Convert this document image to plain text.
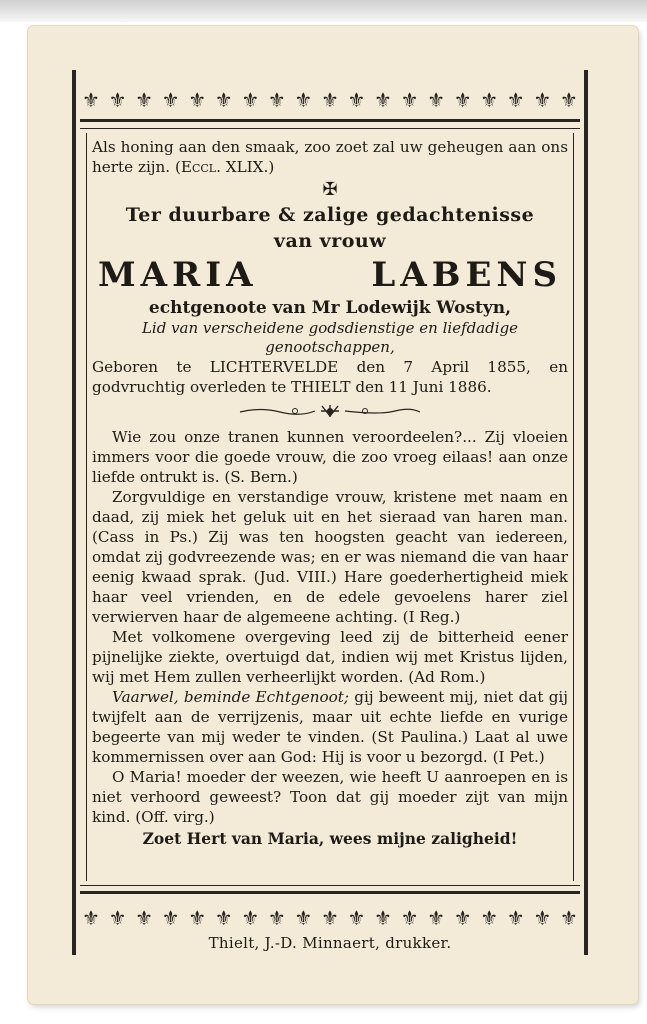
⚜ ⚜ ⚜ ⚜ ⚜ ⚜ ⚜ ⚜ ⚜ ⚜ ⚜ ⚜ ⚜ ⚜ ⚜ ⚜ ⚜ ⚜ ⚜

Als honing aan den smaak, zoo zoet zal uw geheugen aan ons herte zijn. (Eccl. XLIX.)

✠
Ter duurbare & zalige gedachtenisse
van vrouw
MARIA	LABENS
echtgenoote van Mr Lodewijk Wostyn,
Lid van verscheidene godsdienstige en liefdadige genootschappen,

Geboren te LICHTERVELDE den 7 April 1855, en godvruchtig overleden te THIELT den 11 Juni 1886.

Wie zou onze tranen kunnen veroordeelen?... Zij vloeien immers voor die goede vrouw, die zoo vroeg eilaas! aan onze liefde ontrukt is. (S. Bern.)

Zorgvuldige en verstandige vrouw, kristene met naam en daad, zij miek het geluk uit en het sieraad van haren man. (Cass in Ps.) Zij was ten hoogsten geacht van iedereen, omdat zij godvreezende was; en er was niemand die van haar eenig kwaad sprak. (Jud. VIII.) Hare goederhertigheid miek haar veel vrienden, en de edele gevoelens harer ziel verwierven haar de algemeene achting. (I Reg.)

Met volkomene overgeving leed zij de bitterheid eener pijnelijke ziekte, overtuigd dat, indien wij met Kristus lijden, wij met Hem zullen verheerlijkt worden. (Ad Rom.)

Vaarwel, beminde Echtgenoot; gij beweent mij, niet dat gij twijfelt aan de verrijzenis, maar uit echte liefde en vurige begeerte van mij weder te vinden. (St Paulina.) Laat al uwe kommernissen over aan God: Hij is voor u bezorgd. (I Pet.)

O Maria! moeder der weezen, wie heeft U aanroepen en is niet verhoord geweest? Toon dat gij moeder zijt van mijn kind. (Off. virg.)

Zoet Hert van Maria, wees mijne zaligheid!
⚜ ⚜ ⚜ ⚜ ⚜ ⚜ ⚜ ⚜ ⚜ ⚜ ⚜ ⚜ ⚜ ⚜ ⚜ ⚜ ⚜ ⚜ ⚜
Thielt, J.-D. Minnaert, drukker.
